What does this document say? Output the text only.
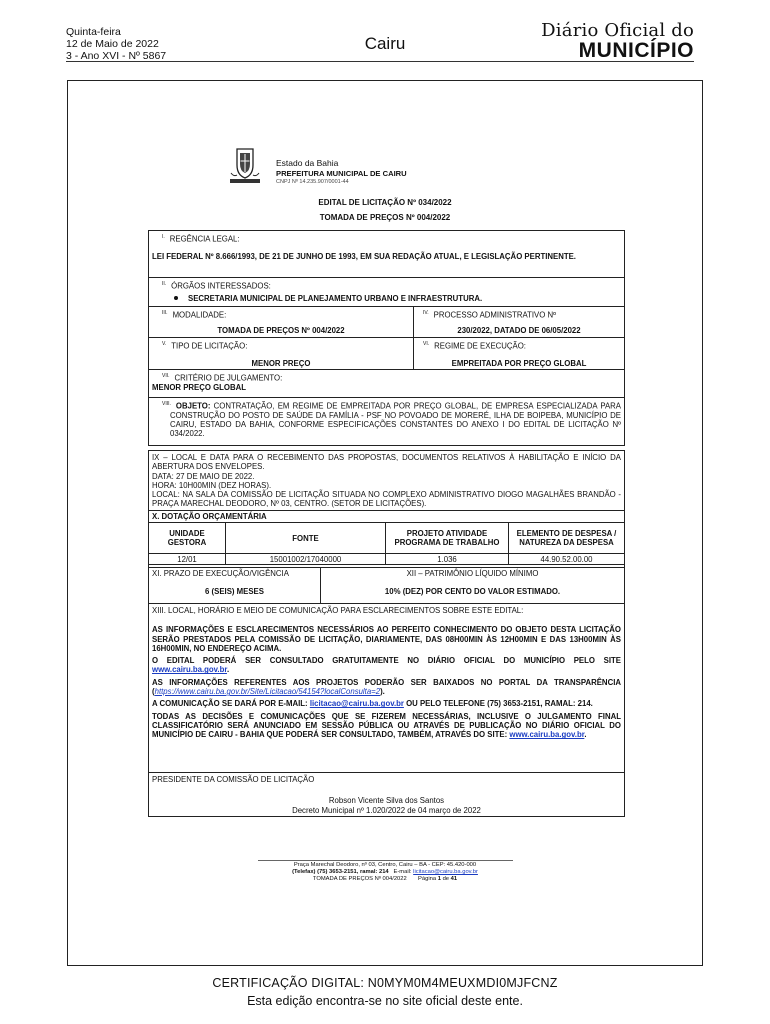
Quinta-feira
12 de Maio de 2022
3 - Ano XVI - Nº 5867
Cairu
Diário Oficial do
MUNICÍPIO
Estado da Bahia
PREFEITURA MUNICIPAL DE CAIRU
CNPJ Nº 14.235.907/0001-44
EDITAL DE LICITAÇÃO Nº 034/2022
TOMADA DE PREÇOS Nº 004/2022
$^{I.}$ REGÊNCIA LEGAL:
LEI FEDERAL Nº 8.666/1993, DE 21 DE JUNHO DE 1993, EM SUA REDAÇÃO ATUAL, E LEGISLAÇÃO PERTINENTE.
$^{II.}$ ÓRGÃOS INTERESSADOS:
SECRETARIA MUNICIPAL DE PLANEJAMENTO URBANO E INFRAESTRUTURA.
$^{III.}$ MODALIDADE:
TOMADA DE PREÇOS Nº 004/2022
$^{IV.}$ PROCESSO ADMINISTRATIVO Nº
230/2022, DATADO DE 06/05/2022
$^{V.}$ TIPO DE LICITAÇÃO:
MENOR PREÇO
$^{VI.}$ REGIME DE EXECUÇÃO:
EMPREITADA POR PREÇO GLOBAL
$^{VII.}$ CRITÉRIO DE JULGAMENTO:
MENOR PREÇO GLOBAL
$^{VIII.}$ OBJETO: CONTRATAÇÃO, EM REGIME DE EMPREITADA POR PREÇO GLOBAL, DE EMPRESA ESPECIALIZADA PARA CONSTRUÇÃO DO POSTO DE SAÚDE DA FAMÍLIA - PSF NO POVOADO DE MORERÉ, ILHA DE BOIPEBA, MUNICÍPIO DE CAIRU, ESTADO DA BAHIA, CONFORME ESPECIFICAÇÕES CONSTANTES DO ANEXO I DO EDITAL DE LICITAÇÃO Nº 034/2022.
IX – LOCAL E DATA PARA O RECEBIMENTO DAS PROPOSTAS, DOCUMENTOS RELATIVOS À HABILITAÇÃO E INÍCIO DA ABERTURA DOS ENVELOPES.
DATA: 27 DE MAIO DE 2022.
HORA: 10H00MIN (DEZ HORAS).
LOCAL: NA SALA DA COMISSÃO DE LICITAÇÃO SITUADA NO COMPLEXO ADMINISTRATIVO DIOGO MAGALHÃES BRANDÃO - PRAÇA MARECHAL DEODORO, Nº 03, CENTRO. (SETOR DE LICITAÇÕES).
X. DOTAÇÃO ORÇAMENTÁRIA
UNIDADE GESTORA	FONTE	PROJETO ATIVIDADE PROGRAMA DE TRABALHO	ELEMENTO DE DESPESA / NATUREZA DA DESPESA
12/01	15001002/17040000	1.036	44.90.52.00.00
XI. PRAZO DE EXECUÇÃO/VIGÊNCIA
6 (SEIS) MESES
XII – PATRIMÔNIO LÍQUIDO MÍNIMO
10% (DEZ) POR CENTO DO VALOR ESTIMADO.
XIII. LOCAL, HORÁRIO E MEIO DE COMUNICAÇÃO PARA ESCLARECIMENTOS SOBRE ESTE EDITAL:
AS INFORMAÇÕES E ESCLARECIMENTOS NECESSÁRIOS AO PERFEITO CONHECIMENTO DO OBJETO DESTA LICITAÇÃO SERÃO PRESTADOS PELA COMISSÃO DE LICITAÇÃO, DIARIAMENTE, DAS 08H00MIN ÀS 12H00MIN E DAS 13H00MIN ÀS 16H00MIN, NO ENDEREÇO ACIMA.
O EDITAL PODERÁ SER CONSULTADO GRATUITAMENTE NO DIÁRIO OFICIAL DO MUNICÍPIO PELO SITE www.cairu.ba.gov.br.
AS INFORMAÇÕES REFERENTES AOS PROJETOS PODERÃO SER BAIXADOS NO PORTAL DA TRANSPARÊNCIA (https://www.cairu.ba.gov.br/Site/Licitacao/54154?localConsulta=2).
A COMUNICAÇÃO SE DARÁ POR E-MAIL: licitacao@cairu.ba.gov.br OU PELO TELEFONE (75) 3653-2151, RAMAL: 214.
TODAS AS DECISÕES E COMUNICAÇÕES QUE SE FIZEREM NECESSÁRIAS, INCLUSIVE O JULGAMENTO FINAL CLASSIFICATÓRIO SERÁ ANUNCIADO EM SESSÃO PÚBLICA OU ATRAVÉS DE PUBLICAÇÃO NO DIÁRIO OFICIAL DO MUNICÍPIO DE CAIRU - BAHIA QUE PODERÁ SER CONSULTADO, TAMBÉM, ATRAVÉS DO SITE: www.cairu.ba.gov.br.
PRESIDENTE DA COMISSÃO DE LICITAÇÃO
Robson Vicente Silva dos Santos
Decreto Municipal nº 1.020/2022 de 04 março de 2022
Praça Marechal Deodoro, nº 03, Centro, Cairu – BA - CEP: 45.420-000
(Telefax) (75) 3653-2151, ramal: 214 E-mail: licitacao@cairu.ba.gov.br
TOMADA DE PREÇOS Nº 004/2022 Página 1 de 41
CERTIFICAÇÃO DIGITAL: N0MYM0M4MEUXMDI0MJFCNZ
Esta edição encontra-se no site oficial deste ente.
